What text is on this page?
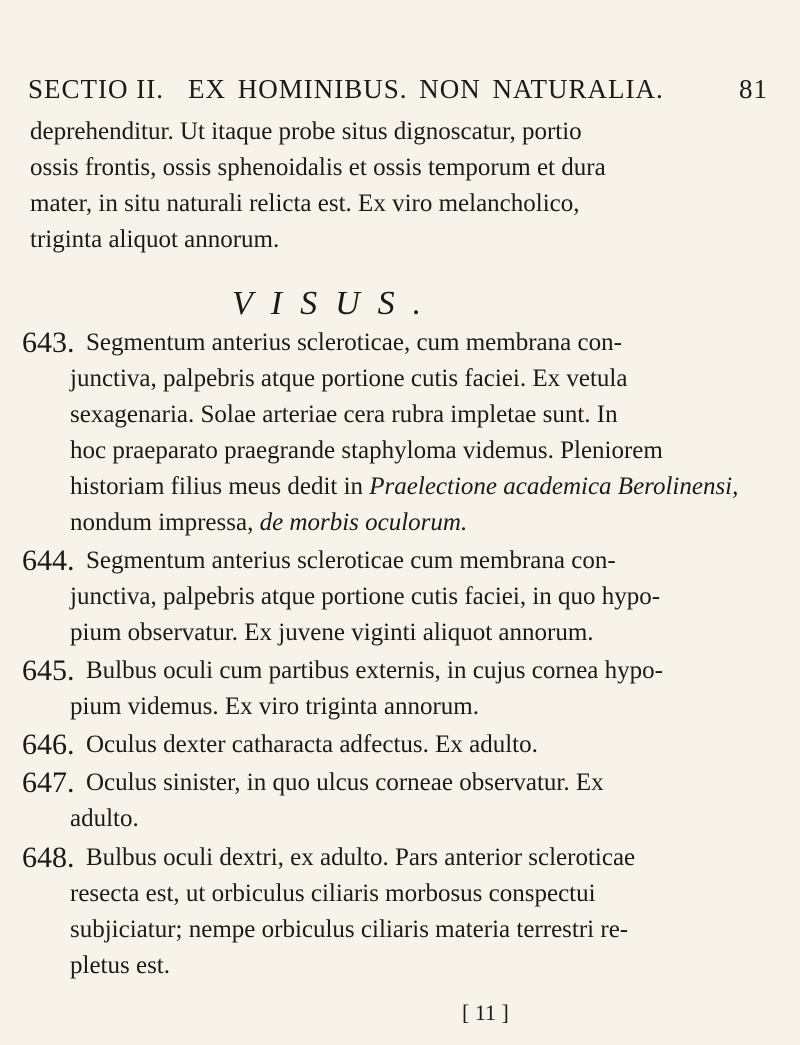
SECTIO II. EX HOMINIBUS. NON NATURALIA.	81
deprehenditur. Ut itaque probe situs dignoscatur, portio
ossis frontis, ossis sphenoidalis et ossis temporum et dura
mater, in situ naturali relicta est. Ex viro melancholico,
triginta aliquot annorum.
VISUS.
643. Segmentum anterius scleroticae, cum membrana con-
junctiva, palpebris atque portione cutis faciei. Ex vetula
sexagenaria. Solae arteriae cera rubra impletae sunt. In
hoc praeparato praegrande staphyloma videmus. Pleniorem
historiam filius meus dedit in Praelectione academica Berolinensi,
nondum impressa, de morbis oculorum.
644. Segmentum anterius scleroticae cum membrana con-
junctiva, palpebris atque portione cutis faciei, in quo hypo-
pium observatur. Ex juvene viginti aliquot annorum.
645. Bulbus oculi cum partibus externis, in cujus cornea hypo-
pium videmus. Ex viro triginta annorum.
646. Oculus dexter catharacta adfectus. Ex adulto.
647. Oculus sinister, in quo ulcus corneae observatur. Ex
adulto.
648. Bulbus oculi dextri, ex adulto. Pars anterior scleroticae
resecta est, ut orbiculus ciliaris morbosus conspectui
subjiciatur; nempe orbiculus ciliaris materia terrestri re-
pletus est.
[ 11 ]
